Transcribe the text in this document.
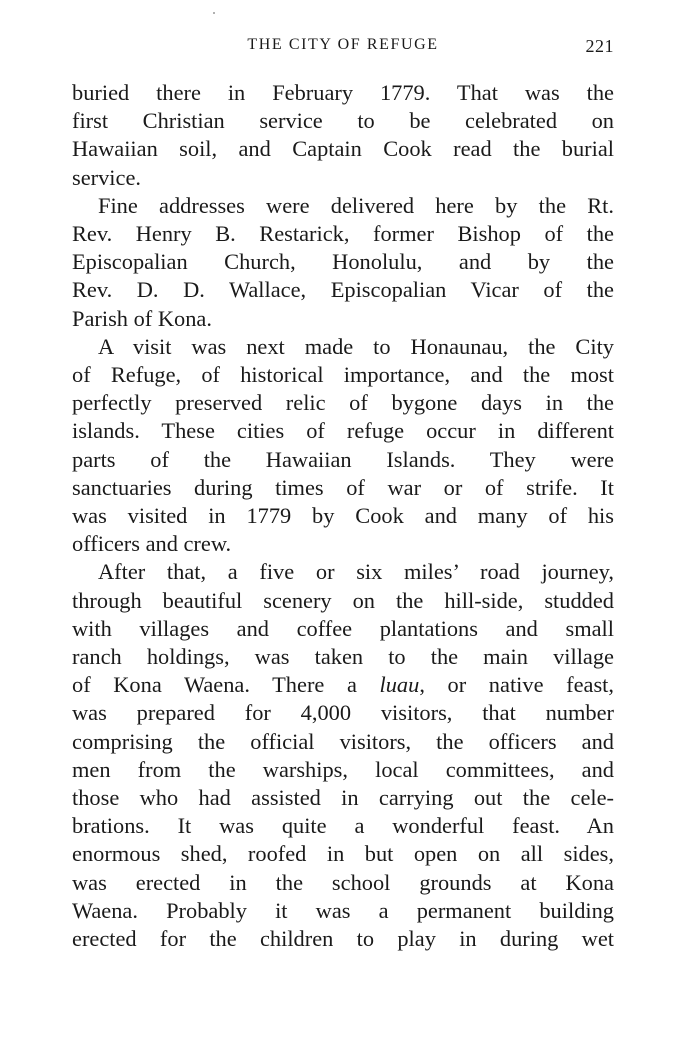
THE CITY OF REFUGE	221

buried there in February 1779. That was the
first Christian service to be celebrated on
Hawaiian soil, and Captain Cook read the burial
service.

Fine addresses were delivered here by the Rt.
Rev. Henry B. Restarick, former Bishop of the
Episcopalian Church, Honolulu, and by the
Rev. D. D. Wallace, Episcopalian Vicar of the
Parish of Kona.

A visit was next made to Honaunau, the City
of Refuge, of historical importance, and the most
perfectly preserved relic of bygone days in the
islands. These cities of refuge occur in different
parts of the Hawaiian Islands. They were
sanctuaries during times of war or of strife. It
was visited in 1779 by Cook and many of his
officers and crew.

After that, a five or six miles’ road journey,
through beautiful scenery on the hill-side, studded
with villages and coffee plantations and small
ranch holdings, was taken to the main village
of Kona Waena. There a luau, or native feast,
was prepared for 4,000 visitors, that number
comprising the official visitors, the officers and
men from the warships, local committees, and
those who had assisted in carrying out the cele-
brations. It was quite a wonderful feast. An
enormous shed, roofed in but open on all sides,
was erected in the school grounds at Kona
Waena. Probably it was a permanent building
erected for the children to play in during wet
